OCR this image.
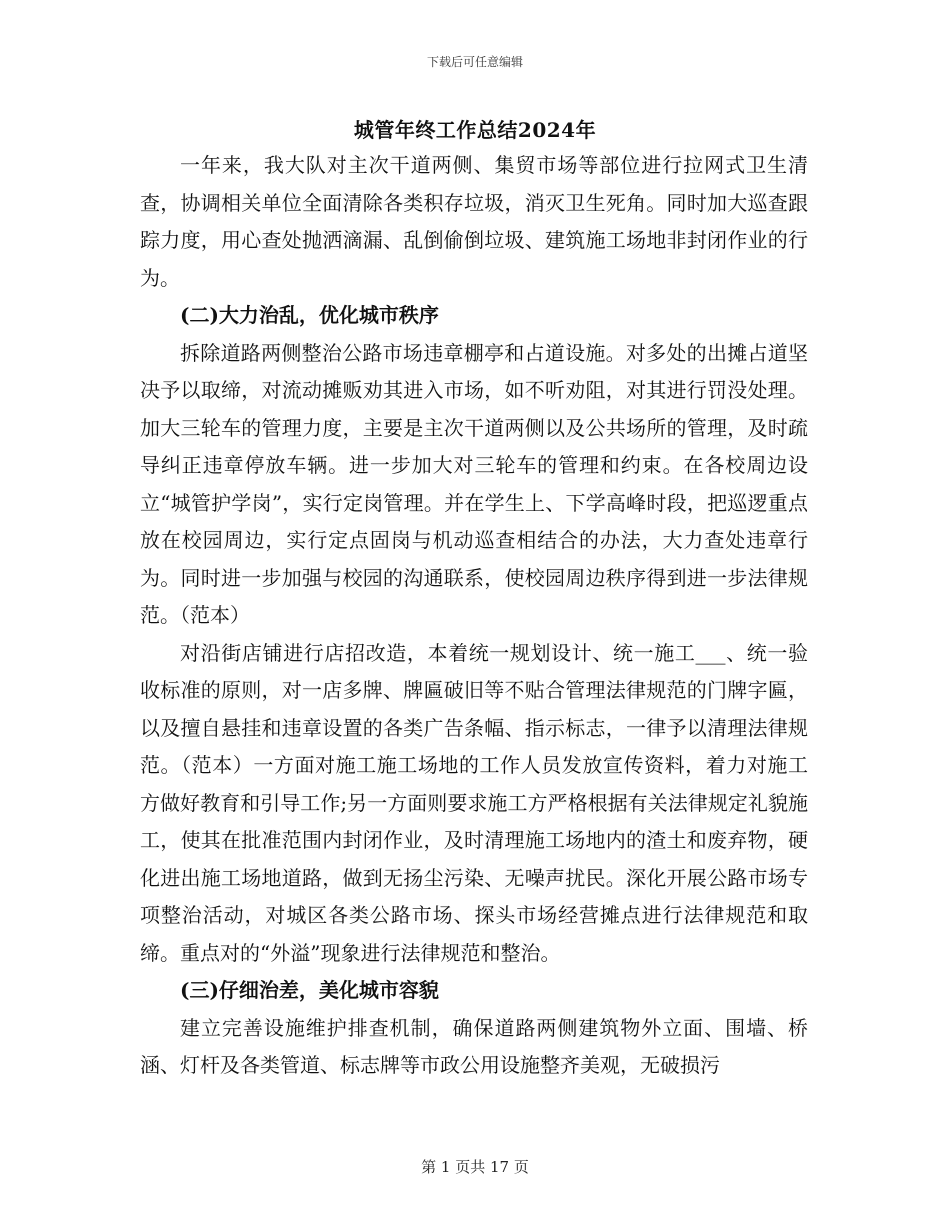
下载后可任意编辑
城管年终工作总结2024年

一年来，我大队对主次干道两侧、集贸市场等部位进行拉网式卫生清查，协调相关单位全面清除各类积存垃圾，消灭卫生死角。同时加大巡查跟踪力度，用心查处抛洒滴漏、乱倒偷倒垃圾、建筑施工场地非封闭作业的行为。

(二)大力治乱，优化城市秩序

拆除道路两侧整治公路市场违章棚亭和占道设施。对多处的出摊占道坚决予以取缔，对流动摊贩劝其进入市场，如不听劝阻，对其进行罚没处理。加大三轮车的管理力度，主要是主次干道两侧以及公共场所的管理，及时疏导纠正违章停放车辆。进一步加大对三轮车的管理和约束。在各校周边设立“城管护学岗”，实行定岗管理。并在学生上、下学高峰时段，把巡逻重点放在校园周边，实行定点固岗与机动巡查相结合的办法，大力查处违章行为。同时进一步加强与校园的沟通联系，使校园周边秩序得到进一步法律规范。（范本）

对沿街店铺进行店招改造，本着统一规划设计、统一施工___、统一验收标准的原则，对一店多牌、牌匾破旧等不贴合管理法律规范的门牌字匾，以及擅自悬挂和违章设置的各类广告条幅、指示标志，一律予以清理法律规范。（范本）一方面对施工施工场地的工作人员发放宣传资料，着力对施工方做好教育和引导工作;另一方面则要求施工方严格根据有关法律规定礼貌施工，使其在批准范围内封闭作业，及时清理施工场地内的渣土和废弃物，硬化进出施工场地道路，做到无扬尘污染、无噪声扰民。深化开展公路市场专项整治活动，对城区各类公路市场、探头市场经营摊点进行法律规范和取缔。重点对的“外溢”现象进行法律规范和整治。

(三)仔细治差，美化城市容貌

建立完善设施维护排查机制，确保道路两侧建筑物外立面、围墙、桥涵、灯杆及各类管道、标志牌等市政公用设施整齐美观，无破损污

第 1 页共 17 页
